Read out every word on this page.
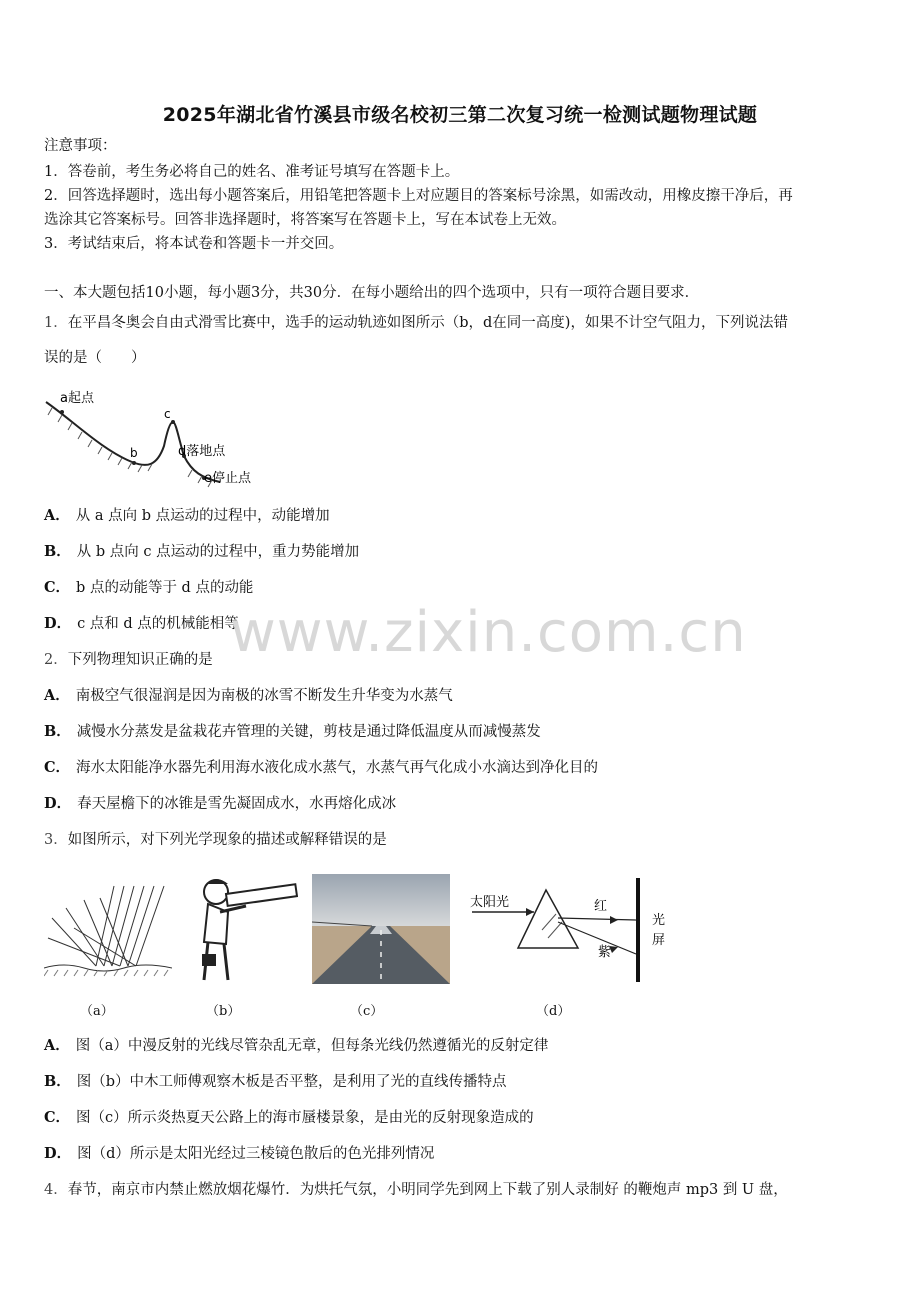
2025年湖北省竹溪县市级名校初三第二次复习统一检测试题物理试题
注意事项：
1．答卷前，考生务必将自己的姓名、准考证号填写在答题卡上。
2．回答选择题时，选出每小题答案后，用铅笔把答题卡上对应题目的答案标号涂黑，如需改动，用橡皮擦干净后，再
选涂其它答案标号。回答非选择题时，将答案写在答题卡上，写在本试卷上无效。
3．考试结束后，将本试卷和答题卡一并交回。
一、本大题包括10小题，每小题3分，共30分．在每小题给出的四个选项中，只有一项符合题目要求．
1．在平昌冬奥会自由式滑雪比赛中，选手的运动轨迹如图所示（b，d在同一高度)，如果不计空气阻力，下列说法错
误的是（　　）
a起点
b
c
d落地点
e停止点
A． 从 a 点向 b 点运动的过程中，动能增加
B． 从 b 点向 c 点运动的过程中，重力势能增加
C． b 点的动能等于 d 点的动能
D． c 点和 d 点的机械能相等
www.zixin.com.cn
2．下列物理知识正确的是
A． 南极空气很湿润是因为南极的冰雪不断发生升华变为水蒸气
B． 减慢水分蒸发是盆栽花卉管理的关键，剪枝是通过降低温度从而减慢蒸发
C． 海水太阳能净水器先利用海水液化成水蒸气，水蒸气再气化成小水滴达到净化目的
D． 春天屋檐下的冰锥是雪先凝固成水，水再熔化成冰
3．如图所示，对下列光学现象的描述或解释错误的是
太阳光	红
紫
光
屏
（a）	（b）	（c）	（d）
A． 图（a）中漫反射的光线尽管杂乱无章，但每条光线仍然遵循光的反射定律
B． 图（b）中木工师傅观察木板是否平整，是利用了光的直线传播特点
C． 图（c）所示炎热夏天公路上的海市蜃楼景象，是由光的反射现象造成的
D． 图（d）所示是太阳光经过三棱镜色散后的色光排列情况
4．春节，南京市内禁止燃放烟花爆竹．为烘托气氛，小明同学先到网上下载了别人录制好 的鞭炮声 mp3 到 U 盘，
